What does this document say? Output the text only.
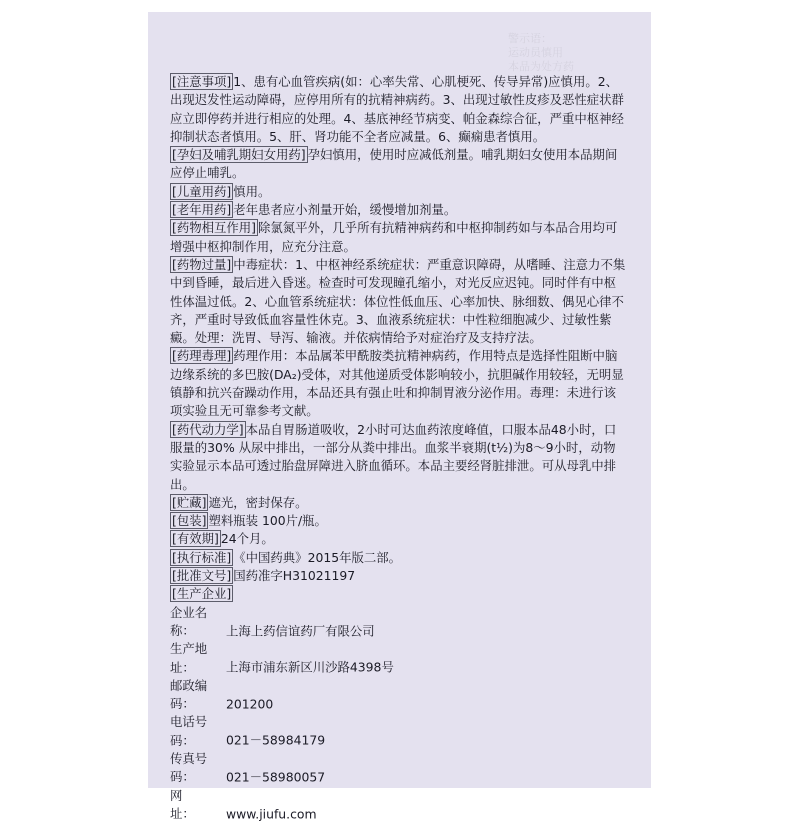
警示语：
运动员慎用
本品为处方药

[注意事项] 1、患有心血管疾病(如：心率失常、心肌梗死、传导异常)应慎用。2、出现迟发性运动障碍，应停用所有的抗精神病药。3、出现过敏性皮疹及恶性症状群应立即停药并进行相应的处理。4、基底神经节病变、帕金森综合征，严重中枢神经抑制状态者慎用。5、肝、肾功能不全者应减量。6、癫痫患者慎用。

[孕妇及哺乳期妇女用药] 孕妇慎用，使用时应减低剂量。哺乳期妇女使用本品期间应停止哺乳。

[儿童用药] 慎用。

[老年用药] 老年患者应小剂量开始，缓慢增加剂量。

[药物相互作用] 除氯氮平外，几乎所有抗精神病药和中枢抑制药如与本品合用均可增强中枢抑制作用，应充分注意。

[药物过量] 中毒症状：1、中枢神经系统症状：严重意识障碍，从嗜睡、注意力不集中到昏睡，最后进入昏迷。检查时可发现瞳孔缩小，对光反应迟钝。同时伴有中枢性体温过低。2、心血管系统症状：体位性低血压、心率加快、脉细数、偶见心律不齐，严重时导致低血容量性休克。3、血液系统症状：中性粒细胞减少、过敏性紫癜。处理：洗胃、导泻、输液。并依病情给予对症治疗及支持疗法。

[药理毒理] 药理作用：本品属苯甲酰胺类抗精神病药，作用特点是选择性阻断中脑边缘系统的多巴胺(DA₂)受体，对其他递质受体影响较小，抗胆碱作用较轻，无明显镇静和抗兴奋躁动作用，本品还具有强止吐和抑制胃液分泌作用。毒理：未进行该项实验且无可靠参考文献。

[药代动力学] 本品自胃肠道吸收，2小时可达血药浓度峰值，口服本品48小时，口服量的30% 从尿中排出，一部分从粪中排出。血浆半衰期(t½)为8～9小时，动物实验显示本品可透过胎盘屏障进入脐血循环。本品主要经肾脏排泄。可从母乳中排出。

[贮藏] 遮光，密封保存。

[包装] 塑料瓶装 100片/瓶。

[有效期] 24个月。

[执行标准] 《中国药典》2015年版二部。

[批准文号] 国药准字H31021197

[生产企业]

企业名称：	上海上药信谊药厂有限公司
生产地址：	上海市浦东新区川沙路4398号
邮政编码：	201200
电话号码：	021－58984179
传真号码：	021－58980057
网　　址：	www.jiufu.com
